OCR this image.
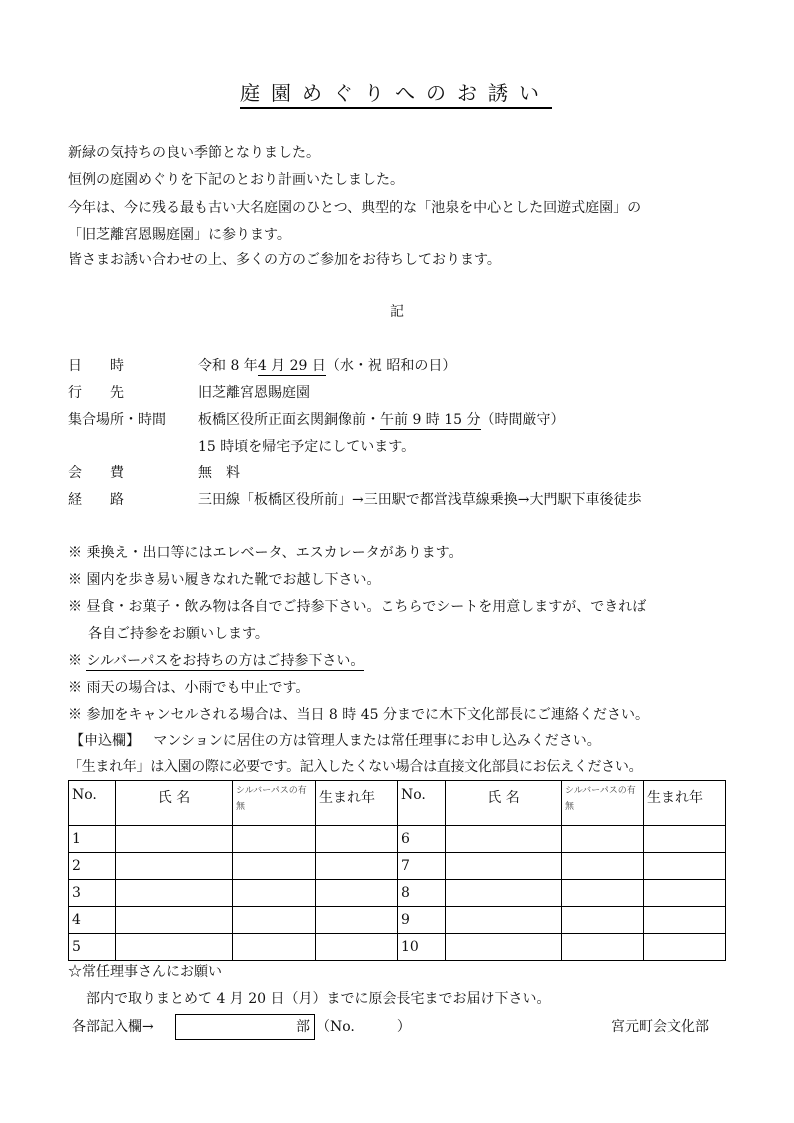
庭園めぐりへのお誘い
新緑の気持ちの良い季節となりました。
恒例の庭園めぐりを下記のとおり計画いたしました。
今年は、今に残る最も古い大名庭園のひとつ、典型的な「池泉を中心とした回遊式庭園」の
「旧芝離宮恩賜庭園」に参ります。
皆さまお誘い合わせの上、多くの方のご参加をお待ちしております。
記
日　　時	令和 8 年4 月 29 日（水・祝 昭和の日）
行　　先	旧芝離宮恩賜庭園
集合場所・時間 板橋区役所正面玄関銅像前・午前 9 時 15 分（時間厳守）
15 時頃を帰宅予定にしています。
会　　費	無　料
経　　路	三田線「板橋区役所前」→三田駅で都営浅草線乗換→大門駅下車後徒歩
※ 乗換え・出口等にはエレベータ、エスカレータがあります。
※ 園内を歩き易い履きなれた靴でお越し下さい。
※ 昼食・お菓子・飲み物は各自でご持参下さい。こちらでシートを用意しますが、できれば
各自ご持参をお願いします。
※ シルバーパスをお持ちの方はご持参下さい。
※ 雨天の場合は、小雨でも中止です。
※ 参加をキャンセルされる場合は、当日 8 時 45 分までに木下文化部長にご連絡ください。
【申込欄】 マンションに居住の方は管理人または常任理事にお申し込みください。
「生まれ年」は入園の際に必要です。記入したくない場合は直接文化部員にお伝えください。
No.	氏 名	シルバーパスの有無	生まれ年	No.	氏 名	シルバーパスの有無	生まれ年
1				6			
2				7			
3				8			
4				9			
5				10			
☆常任理事さんにお願い
部内で取りまとめて 4 月 20 日（月）までに原会長宅までお届け下さい。
各部記入欄→	部 （No.　　　）	宮元町会文化部
